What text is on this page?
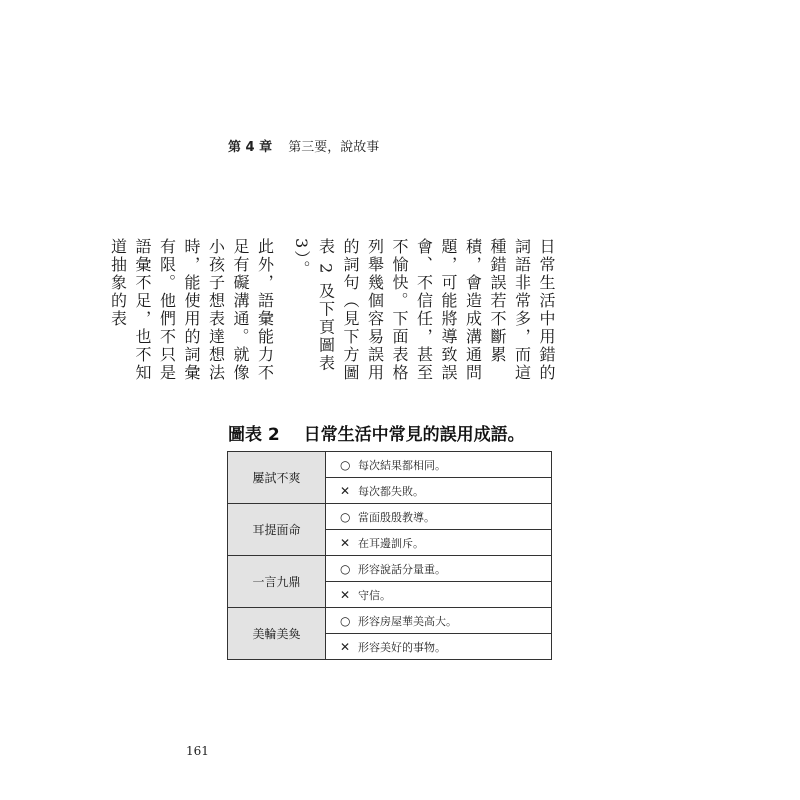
第 4 章 第三要，說故事

日常生活中用錯的詞語非常多，而這種錯誤若不斷累積，會造成溝通問題，可能將導致誤會、不信任，甚至不愉快。下面表格列舉幾個容易誤用的詞句（見下方圖表 2 及下頁圖表 3）。

此外，語彙能力不足有礙溝通。就像小孩子想表達想法時，能使用的詞彙有限。他們不只是語彙不足，也不知道抽象的表

圖表 2 日常生活中常見的誤用成語。
屢試不爽	○ 每次結果都相同。
	✕ 每次都失敗。
耳提面命	○ 當面殷殷教導。
	✕ 在耳邊訓斥。
一言九鼎	○ 形容說話分量重。
	✕ 守信。
美輪美奐	○ 形容房屋華美高大。
	✕ 形容美好的事物。
161
